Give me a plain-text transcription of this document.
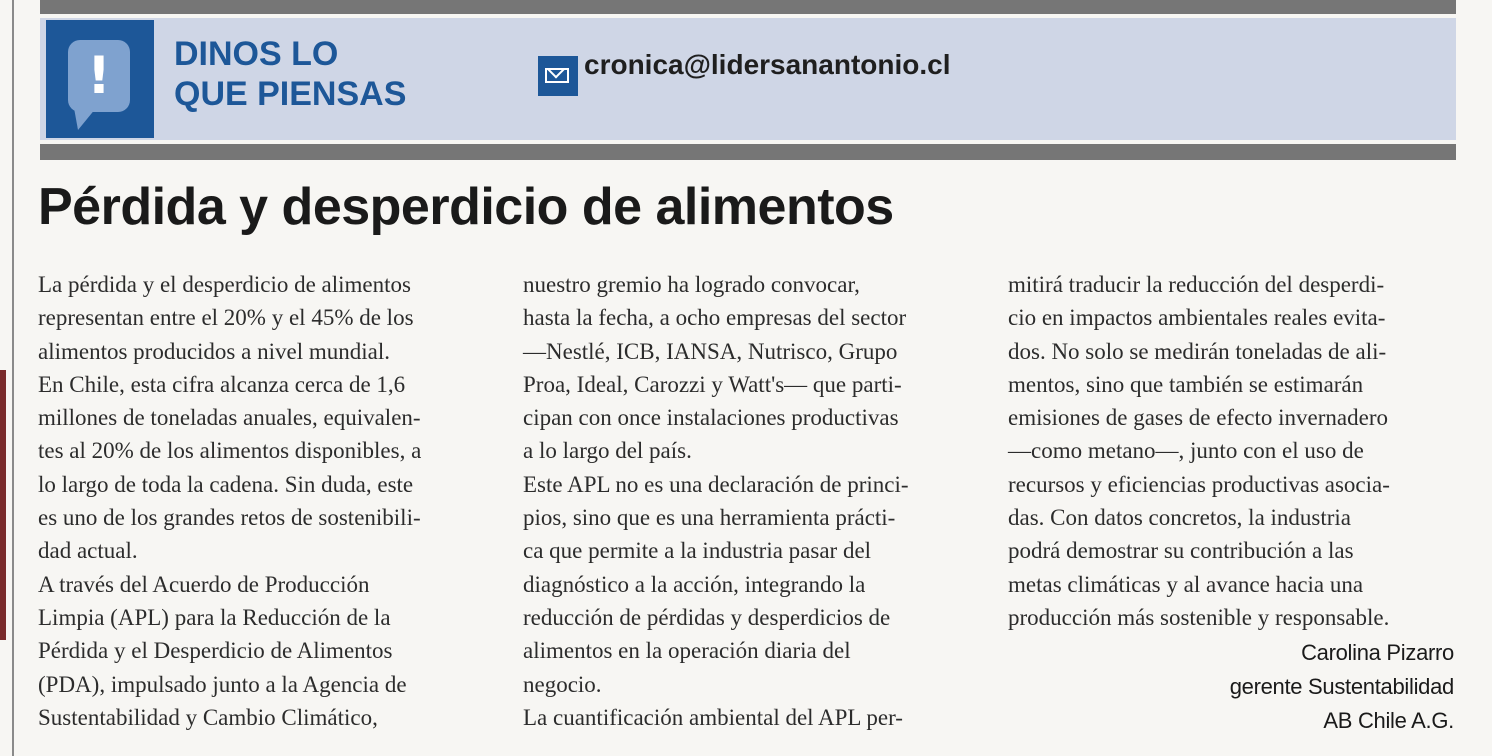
!	DINOS LO
QUE PIENSAS
cronica@lidersanantonio.cl
Pérdida y desperdicio de alimentos
La pérdida y el desperdicio de alimentos
representan entre el 20% y el 45% de los
alimentos producidos a nivel mundial.
En Chile, esta cifra alcanza cerca de 1,6
millones de toneladas anuales, equivalen-
tes al 20% de los alimentos disponibles, a
lo largo de toda la cadena. Sin duda, este
es uno de los grandes retos de sostenibili-
dad actual.
A través del Acuerdo de Producción
Limpia (APL) para la Reducción de la
Pérdida y el Desperdicio de Alimentos
(PDA), impulsado junto a la Agencia de
Sustentabilidad y Cambio Climático,
nuestro gremio ha logrado convocar,
hasta la fecha, a ocho empresas del sector
—Nestlé, ICB, IANSA, Nutrisco, Grupo
Proa, Ideal, Carozzi y Watt's— que parti-
cipan con once instalaciones productivas
a lo largo del país.
Este APL no es una declaración de princi-
pios, sino que es una herramienta prácti-
ca que permite a la industria pasar del
diagnóstico a la acción, integrando la
reducción de pérdidas y desperdicios de
alimentos en la operación diaria del
negocio.
La cuantificación ambiental del APL per-
mitirá traducir la reducción del desperdi-
cio en impactos ambientales reales evita-
dos. No solo se medirán toneladas de ali-
mentos, sino que también se estimarán
emisiones de gases de efecto invernadero
—como metano—, junto con el uso de
recursos y eficiencias productivas asocia-
das. Con datos concretos, la industria
podrá demostrar su contribución a las
metas climáticas y al avance hacia una
producción más sostenible y responsable.
Carolina Pizarro
gerente Sustentabilidad
AB Chile A.G.
